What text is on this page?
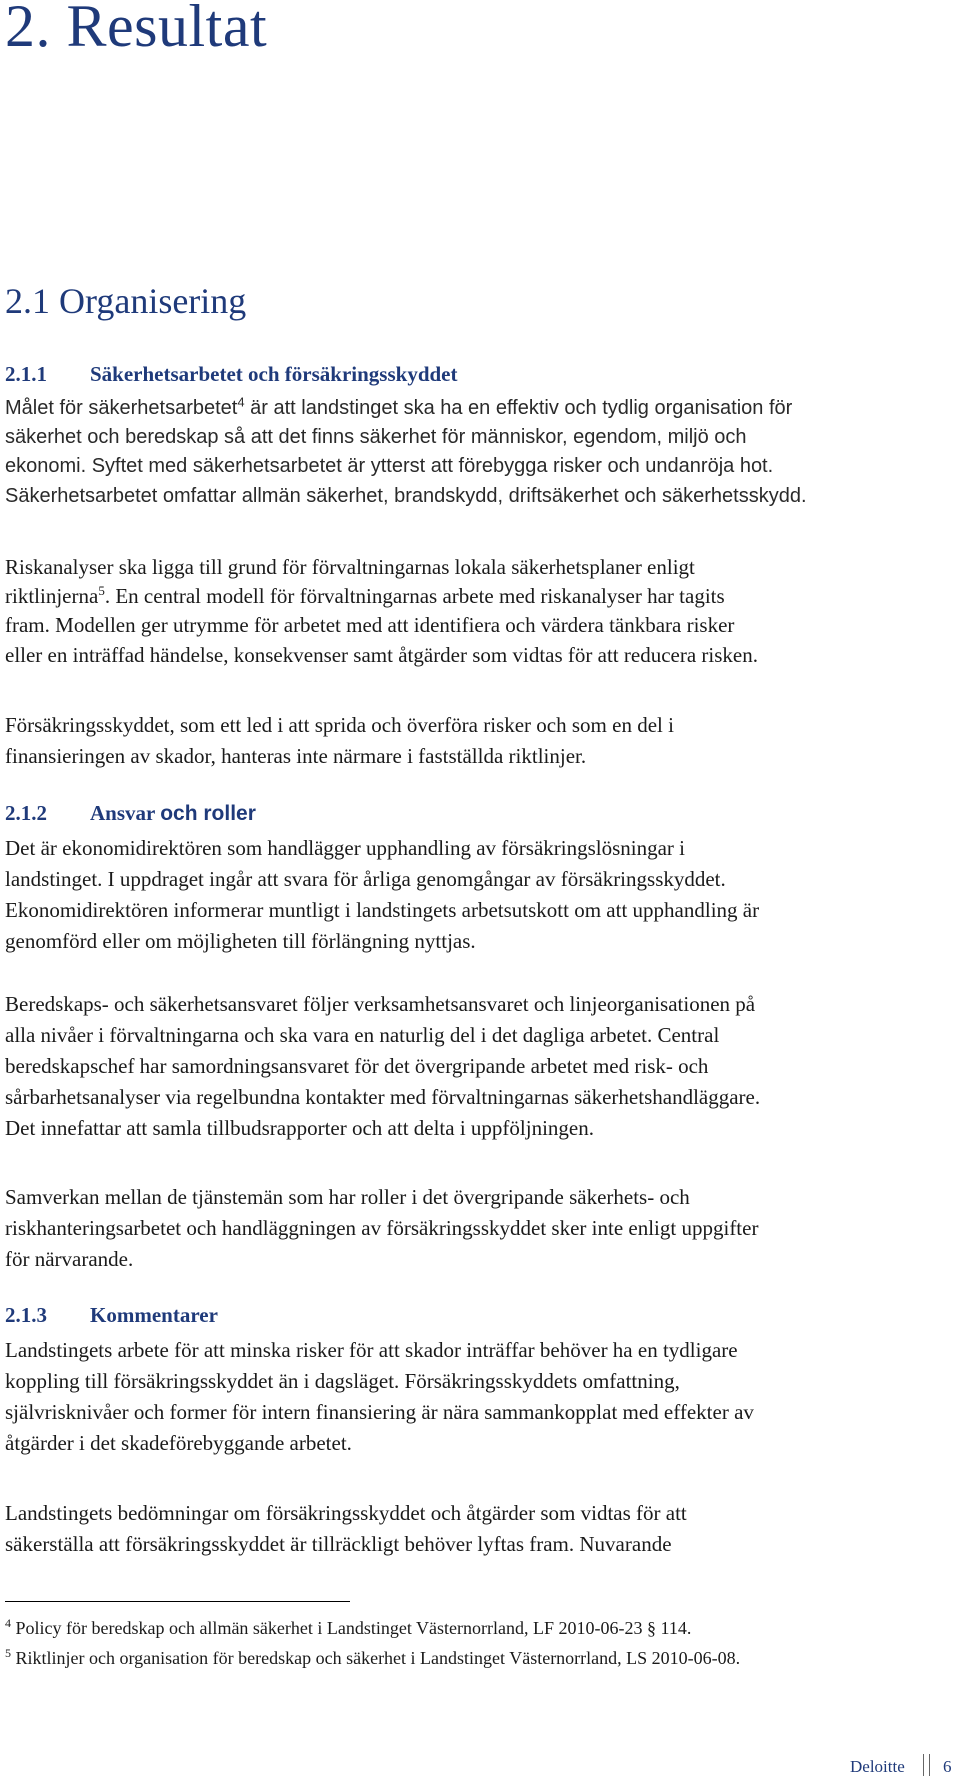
2. Resultat
2.1 Organisering
2.1.1 Säkerhetsarbetet och försäkringsskyddet
Målet för säkerhetsarbetet$^4$ är att landstinget ska ha en effektiv och tydlig organisation för
säkerhet och beredskap så att det finns säkerhet för människor, egendom, miljö och
ekonomi. Syftet med säkerhetsarbetet är ytterst att förebygga risker och undanröja hot.
Säkerhetsarbetet omfattar allmän säkerhet, brandskydd, driftsäkerhet och säkerhetsskydd.
Riskanalyser ska ligga till grund för förvaltningarnas lokala säkerhetsplaner enligt
riktlinjerna$^5$. En central modell för förvaltningarnas arbete med riskanalyser har tagits
fram. Modellen ger utrymme för arbetet med att identifiera och värdera tänkbara risker
eller en inträffad händelse, konsekvenser samt åtgärder som vidtas för att reducera risken.
Försäkringsskyddet, som ett led i att sprida och överföra risker och som en del i
finansieringen av skador, hanteras inte närmare i fastställda riktlinjer.
2.1.2 Ansvar och roller
Det är ekonomidirektören som handlägger upphandling av försäkringslösningar i
landstinget. I uppdraget ingår att svara för årliga genomgångar av försäkringsskyddet.
Ekonomidirektören informerar muntligt i landstingets arbetsutskott om att upphandling är
genomförd eller om möjligheten till förlängning nyttjas.
Beredskaps- och säkerhetsansvaret följer verksamhetsansvaret och linjeorganisationen på
alla nivåer i förvaltningarna och ska vara en naturlig del i det dagliga arbetet. Central
beredskapschef har samordningsansvaret för det övergripande arbetet med risk- och
sårbarhetsanalyser via regelbundna kontakter med förvaltningarnas säkerhetshandläggare.
Det innefattar att samla tillbudsrapporter och att delta i uppföljningen.
Samverkan mellan de tjänstemän som har roller i det övergripande säkerhets- och
riskhanteringsarbetet och handläggningen av försäkringsskyddet sker inte enligt uppgifter
för närvarande.
2.1.3 Kommentarer
Landstingets arbete för att minska risker för att skador inträffar behöver ha en tydligare
koppling till försäkringsskyddet än i dagsläget. Försäkringsskyddets omfattning,
självrisknivåer och former för intern finansiering är nära sammankopplat med effekter av
åtgärder i det skadeförebyggande arbetet.
Landstingets bedömningar om försäkringsskyddet och åtgärder som vidtas för att
säkerställa att försäkringsskyddet är tillräckligt behöver lyftas fram. Nuvarande
$^4$ Policy för beredskap och allmän säkerhet i Landstinget Västernorrland, LF 2010-06-23 § 114.
$^5$ Riktlinjer och organisation för beredskap och säkerhet i Landstinget Västernorrland, LS 2010-06-08.
Deloitte 6
